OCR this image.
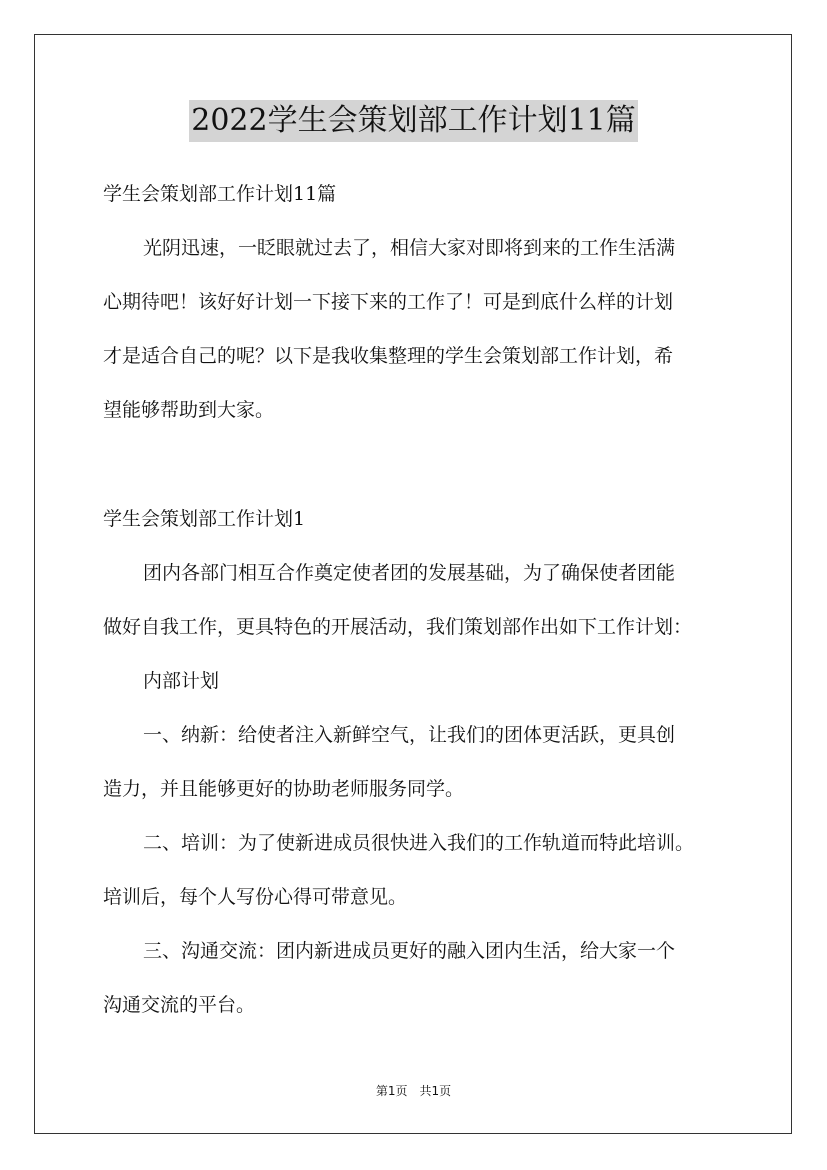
2022学生会策划部工作计划11篇
学生会策划部工作计划11篇
光阴迅速，一眨眼就过去了，相信大家对即将到来的工作生活满
心期待吧！该好好计划一下接下来的工作了！可是到底什么样的计划
才是适合自己的呢？以下是我收集整理的学生会策划部工作计划，希
望能够帮助到大家。
学生会策划部工作计划1
团内各部门相互合作奠定使者团的发展基础，为了确保使者团能
做好自我工作，更具特色的开展活动，我们策划部作出如下工作计划：
内部计划
一、纳新：给使者注入新鲜空气，让我们的团体更活跃，更具创
造力，并且能够更好的协助老师服务同学。
二、培训：为了使新进成员很快进入我们的工作轨道而特此培训。
培训后，每个人写份心得可带意见。
三、沟通交流：团内新进成员更好的融入团内生活，给大家一个
沟通交流的平台。
第1页　共1页
